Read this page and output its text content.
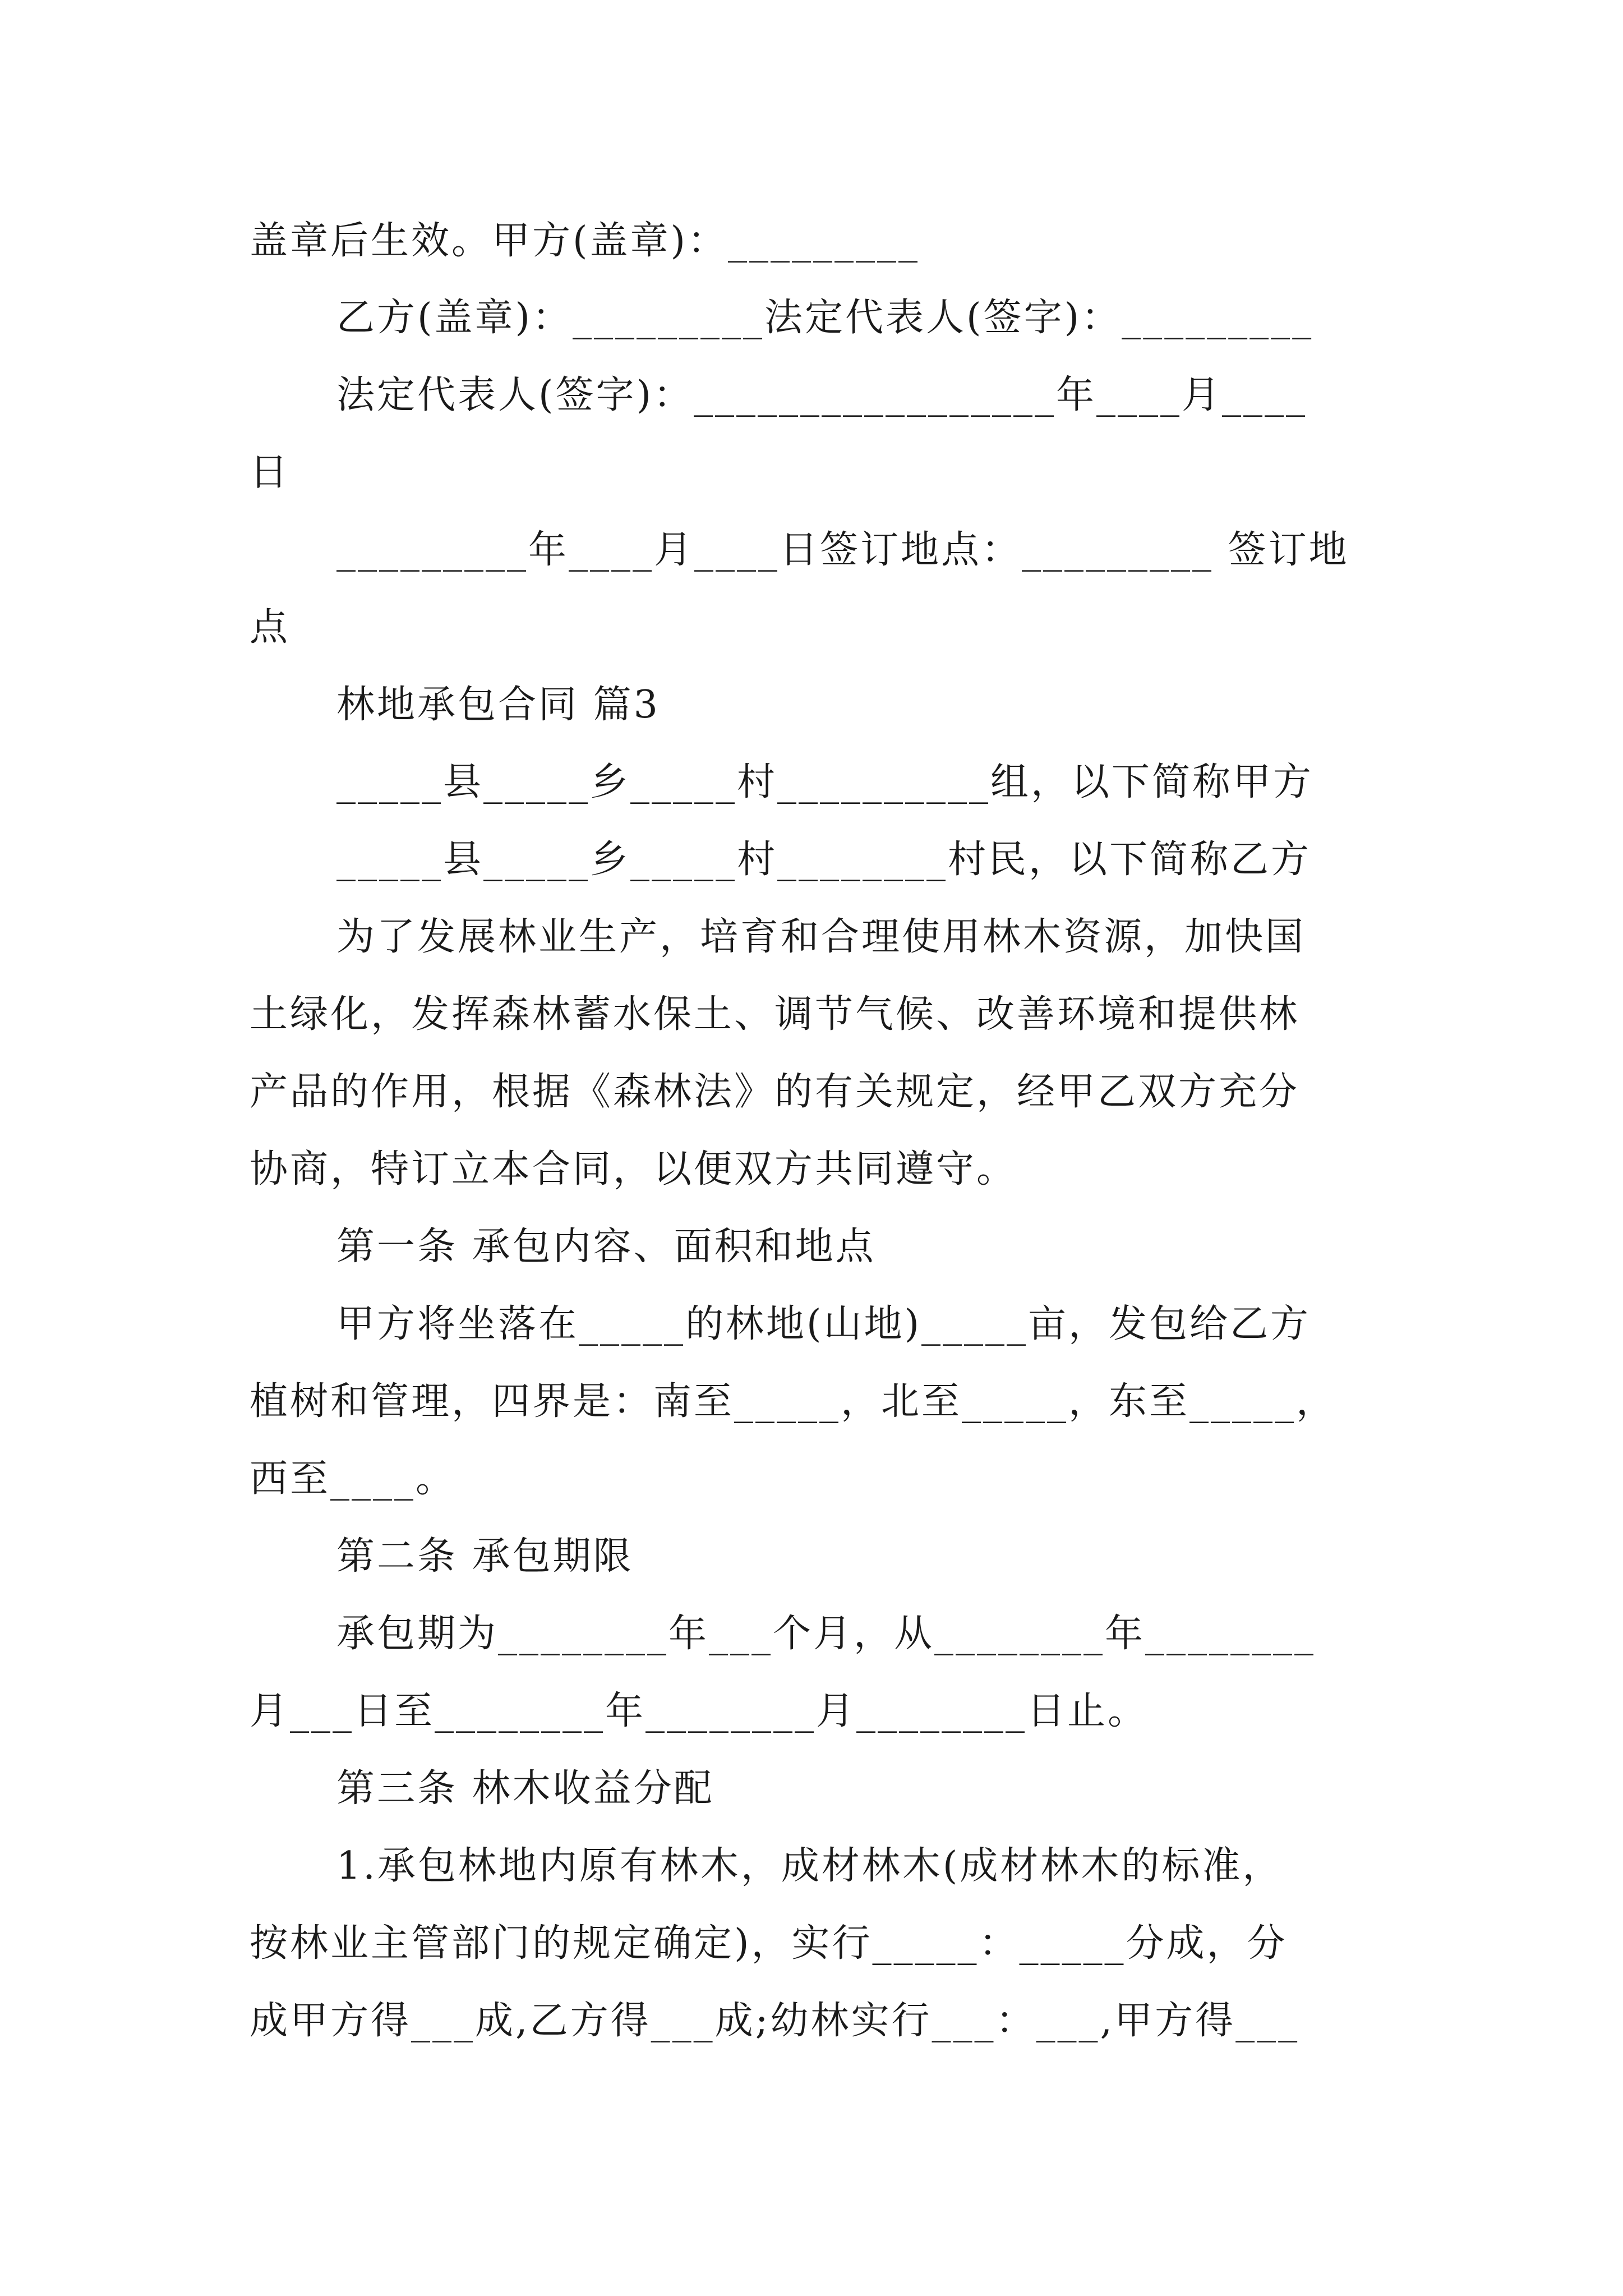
盖章后生效。甲方(盖章)：_________
乙方(盖章)：_________法定代表人(签字)：_________
法定代表人(签字)：_________________年____月____
日
_________年____月____日签订地点：_________ 签订地
点
林地承包合同 篇3
_____县_____乡_____村__________组，以下简称甲方
_____县_____乡_____村________村民，以下简称乙方
为了发展林业生产，培育和合理使用林木资源，加快国
土绿化，发挥森林蓄水保土、调节气候、改善环境和提供林
产品的作用，根据《森林法》的有关规定，经甲乙双方充分
协商，特订立本合同，以便双方共同遵守。
第一条 承包内容、面积和地点
甲方将坐落在_____的林地(山地)_____亩，发包给乙方
植树和管理，四界是：南至_____，北至_____，东至_____，
西至____。
第二条 承包期限
承包期为________年___个月，从________年________
月___日至________年________月________日止。
第三条 林木收益分配
1.承包林地内原有林木，成材林木(成材林木的标准，
按林业主管部门的规定确定)，实行_____：_____分成，分
成甲方得___成,乙方得___成;幼林实行___：___,甲方得___
